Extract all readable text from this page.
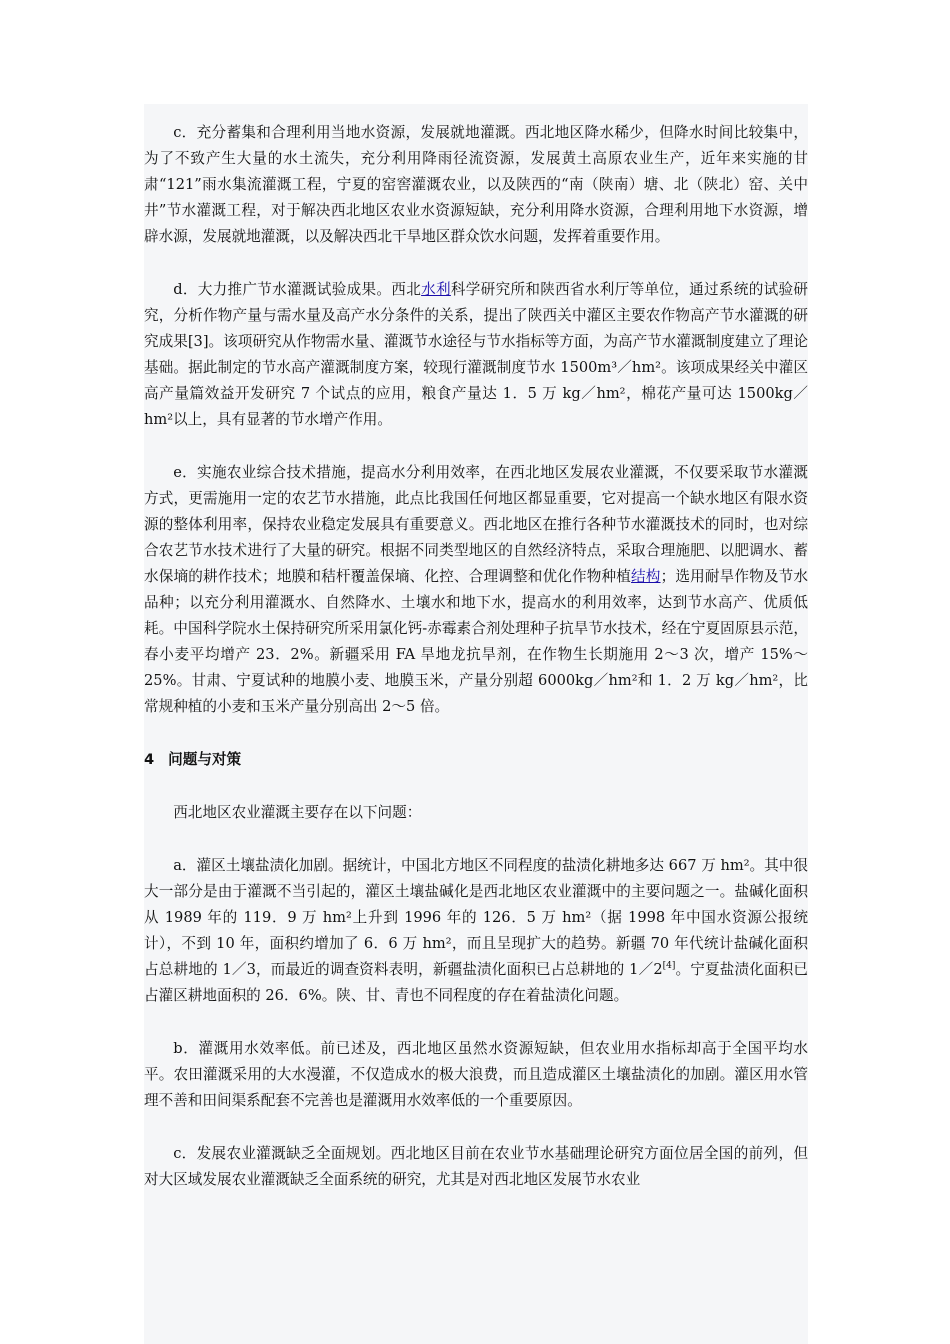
c．充分蓄集和合理利用当地水资源，发展就地灌溉。西北地区降水稀少，但降水时间比较集中，为了不致产生大量的水土流失，充分利用降雨径流资源，发展黄土高原农业生产，近年来实施的甘肃“121”雨水集流灌溉工程，宁夏的窑窖灌溉农业，以及陕西的“南（陕南）塘、北（陕北）窑、关中井”节水灌溉工程，对于解决西北地区农业水资源短缺，充分利用降水资源，合理利用地下水资源，增辟水源，发展就地灌溉，以及解决西北干旱地区群众饮水问题，发挥着重要作用。

d．大力推广节水灌溉试验成果。西北水利科学研究所和陕西省水利厅等单位，通过系统的试验研究，分析作物产量与需水量及高产水分条件的关系，提出了陕西关中灌区主要农作物高产节水灌溉的研究成果[3]。该项研究从作物需水量、灌溉节水途径与节水指标等方面，为高产节水灌溉制度建立了理论基础。据此制定的节水高产灌溉制度方案，较现行灌溉制度节水 1500m³／hm²。该项成果经关中灌区高产量篇效益开发研究 7 个试点的应用，粮食产量达 1．5 万 kg／hm²，棉花产量可达 1500kg／hm²以上，具有显著的节水增产作用。

e．实施农业综合技术措施，提高水分利用效率，在西北地区发展农业灌溉，不仅要采取节水灌溉方式，更需施用一定的农艺节水措施，此点比我国任何地区都显重要，它对提高一个缺水地区有限水资源的整体利用率，保持农业稳定发展具有重要意义。西北地区在推行各种节水灌溉技术的同时，也对综合农艺节水技术进行了大量的研究。根据不同类型地区的自然经济特点，采取合理施肥、以肥调水、蓄水保墒的耕作技术；地膜和秸杆覆盖保墒、化控、合理调整和优化作物种植结构；选用耐旱作物及节水品种；以充分利用灌溉水、自然降水、土壤水和地下水，提高水的利用效率，达到节水高产、优质低耗。中国科学院水土保持研究所采用氯化钙-赤霉素合剂处理种子抗旱节水技术，经在宁夏固原县示范，春小麦平均增产 23．2%。新疆采用 FA 旱地龙抗旱剂，在作物生长期施用 2～3 次，增产 15%～25%。甘肃、宁夏试种的地膜小麦、地膜玉米，产量分别超 6000kg／hm²和 1．2 万 kg／hm²，比常规种植的小麦和玉米产量分别高出 2～5 倍。

4 问题与对策

西北地区农业灌溉主要存在以下问题：

a．灌区土壤盐渍化加剧。据统计，中国北方地区不同程度的盐渍化耕地多达 667 万 hm²。其中很大一部分是由于灌溉不当引起的，灌区土壤盐碱化是西北地区农业灌溉中的主要问题之一。盐碱化面积从 1989 年的 119．9 万 hm²上升到 1996 年的 126．5 万 hm²（据 1998 年中国水资源公报统计），不到 10 年，面积约增加了 6．6 万 hm²，而且呈现扩大的趋势。新疆 70 年代统计盐碱化面积占总耕地的 1／3，而最近的调查资料表明，新疆盐渍化面积已占总耕地的 1／2[4]。宁夏盐渍化面积已占灌区耕地面积的 26．6%。陕、甘、青也不同程度的存在着盐渍化问题。

b．灌溉用水效率低。前已述及，西北地区虽然水资源短缺，但农业用水指标却高于全国平均水平。农田灌溉采用的大水漫灌，不仅造成水的极大浪费，而且造成灌区土壤盐渍化的加剧。灌区用水管理不善和田间渠系配套不完善也是灌溉用水效率低的一个重要原因。

c．发展农业灌溉缺乏全面规划。西北地区目前在农业节水基础理论研究方面位居全国的前列，但对大区域发展农业灌溉缺乏全面系统的研究，尤其是对西北地区发展节水农业
